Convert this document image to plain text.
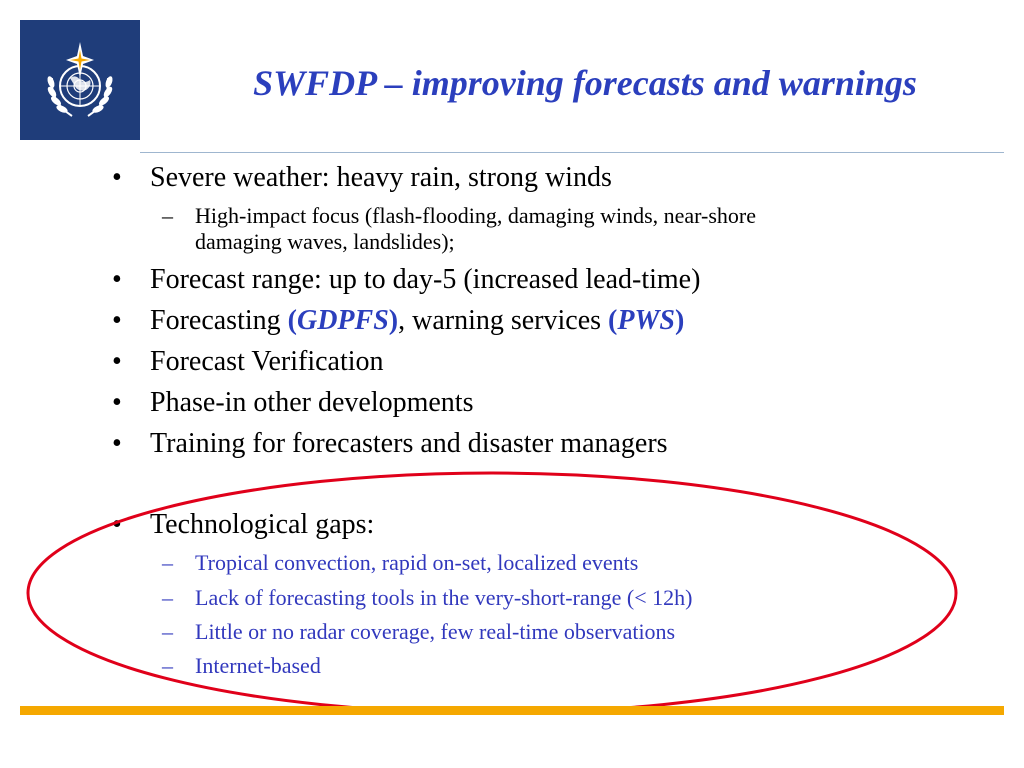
SWFDP – improving forecasts and warnings
• Severe weather: heavy rain, strong winds
– High-impact focus (flash-flooding, damaging winds, near-shore
damaging waves, landslides);
• Forecast range: up to day-5 (increased lead-time)
• Forecasting (GDPFS), warning services (PWS)
• Forecast Verification
• Phase-in other developments
• Training for forecasters and disaster managers
• Technological gaps:
– Tropical convection, rapid on-set, localized events
– Lack of forecasting tools in the very-short-range (< 12h)
– Little or no radar coverage, few real-time observations
– Internet-based
